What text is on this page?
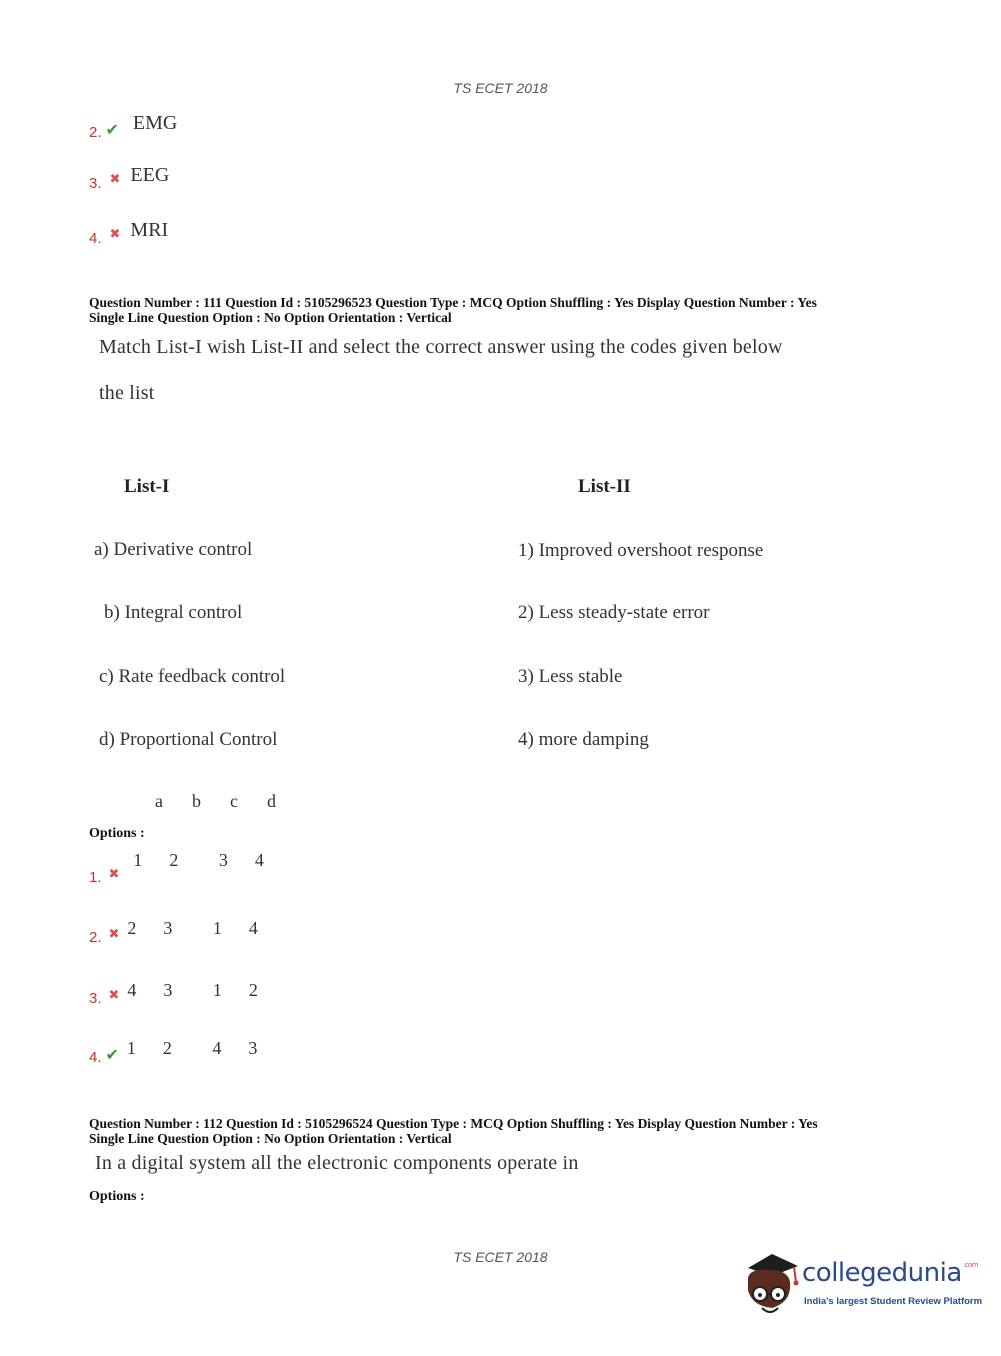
TS ECET 2018
2. ✔ EMG
3. ✖ EEG
4. ✖ MRI
Question Number : 111 Question Id : 5105296523 Question Type : MCQ Option Shuffling : Yes Display Question Number : Yes
Single Line Question Option : No Option Orientation : Vertical
Match List-I wish List-II and select the correct answer using the codes given below
the list
List-I	List-II
a) Derivative control
b) Integral control
c) Rate feedback control
d) Proportional Control
1) Improved overshoot response
2) Less steady-state error
3) Less stable
4) more damping
a  b  c  d
Options :
1. $_✖$ 1  2   3  4
2. $_✖$ 2  3   1  4
3. ✖ 4  3   1  2
4. ✔ 1  2   4  3
Question Number : 112 Question Id : 5105296524 Question Type : MCQ Option Shuffling : Yes Display Question Number : Yes
Single Line Question Option : No Option Orientation : Vertical
In a digital system all the electronic components operate in
Options :
TS ECET 2018
collegedunia$^{.com}$
India's largest Student Review Platform
